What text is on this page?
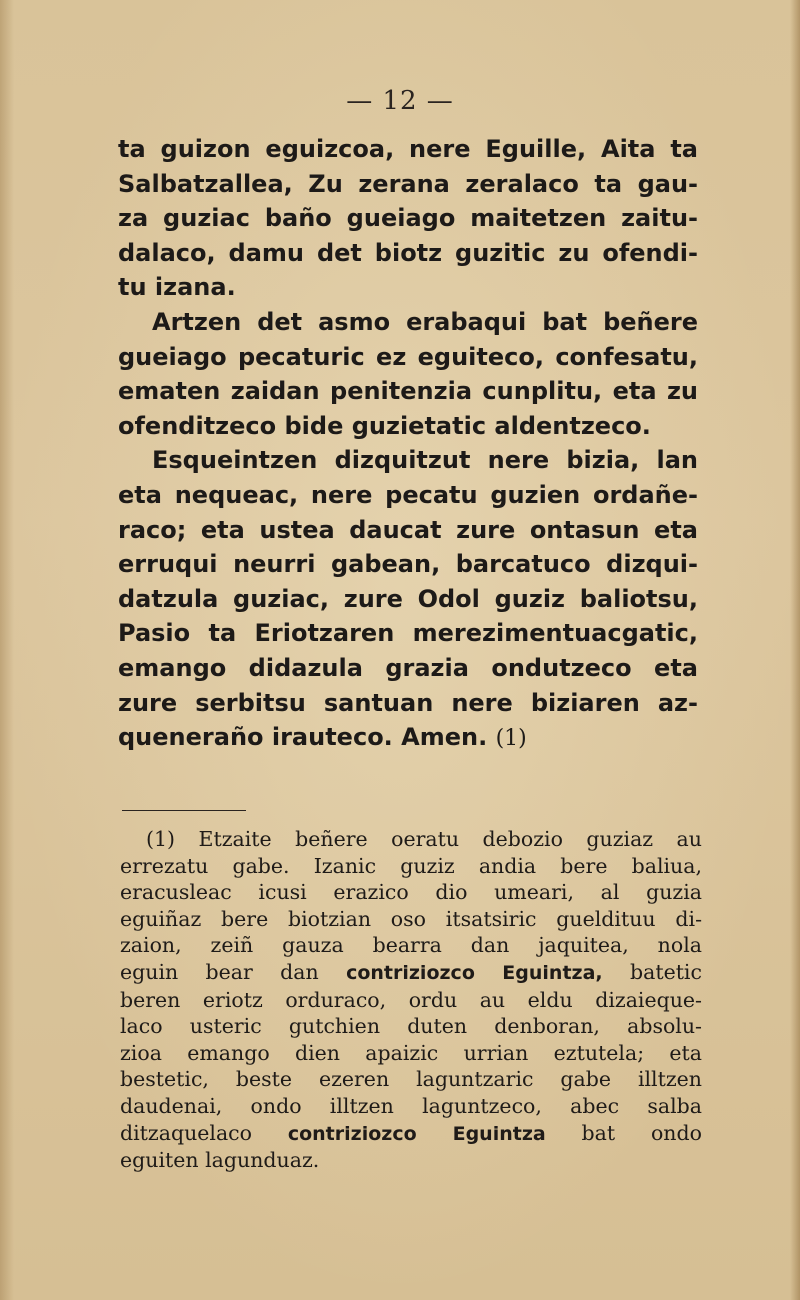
— 12 —
ta guizon eguizcoa, nere Eguille, Aita ta
Salbatzallea, Zu zerana zeralaco ta gau-
za guziac baño gueiago maitetzen zaitu-
dalaco, damu det biotz guzitic zu ofendi-
tu izana.
Artzen det asmo erabaqui bat beñere
gueiago pecaturic ez eguiteco, confesatu,
ematen zaidan penitenzia cunplitu, eta zu
ofenditzeco bide guzietatic aldentzeco.
Esqueintzen dizquitzut nere bizia, lan
eta nequeac, nere pecatu guzien ordañe-
raco; eta ustea daucat zure ontasun eta
erruqui neurri gabean, barcatuco dizqui-
datzula guziac, zure Odol guziz baliotsu,
Pasio ta Eriotzaren merezimentuacgatic,
emango didazula grazia ondutzeco eta
zure serbitsu santuan nere biziaren az-
queneraño irauteco. Amen. (1)
(1) Etzaite beñere oeratu debozio guziaz au
errezatu gabe. Izanic guziz andia bere baliua,
eracusleac icusi erazico dio umeari, al guzia
eguiñaz bere biotzian oso itsatsiric gueldituu di-
zaion, zeiñ gauza bearra dan jaquitea, nola
eguin bear dan contriziozco Eguintza, batetic
beren eriotz orduraco, ordu au eldu dizaieque-
laco usteric gutchien duten denboran, absolu-
zioa emango dien apaizic urrian eztutela; eta
bestetic, beste ezeren laguntzaric gabe illtzen
daudenai, ondo illtzen laguntzeco, abec salba
ditzaquelaco contriziozco Eguintza bat ondo
eguiten lagunduaz.
